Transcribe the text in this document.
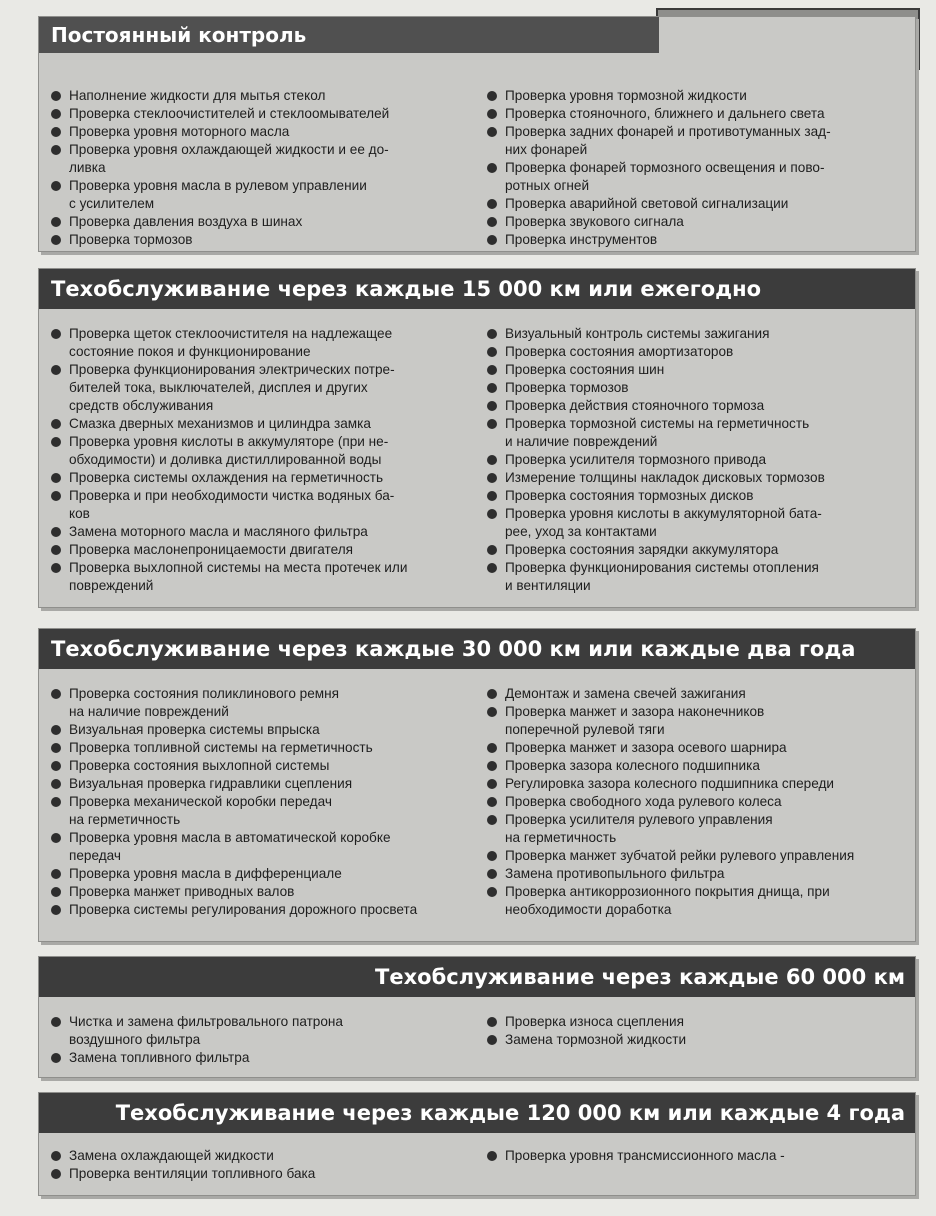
Постоянный контроль
Наполнение жидкости для мытья стекол
Проверка стеклоочистителей и стеклоомывателей
Проверка уровня моторного масла
Проверка уровня охлаждающей жидкости и ее до-
ливка
Проверка уровня масла в рулевом управлении
с усилителем
Проверка давления воздуха в шинах
Проверка тормозов
Проверка уровня тормозной жидкости
Проверка стояночного, ближнего и дальнего света
Проверка задних фонарей и противотуманных зад-
них фонарей
Проверка фонарей тормозного освещения и пово-
ротных огней
Проверка аварийной световой сигнализации
Проверка звукового сигнала
Проверка инструментов
Техобслуживание через каждые 15 000 км или ежегодно
Проверка щеток стеклоочистителя на надлежащее
состояние покоя и функционирование
Проверка функционирования электрических потре-
бителей тока, выключателей, дисплея и других
средств обслуживания
Смазка дверных механизмов и цилиндра замка
Проверка уровня кислоты в аккумуляторе (при не-
обходимости) и доливка дистиллированной воды
Проверка системы охлаждения на герметичность
Проверка и при необходимости чистка водяных ба-
ков
Замена моторного масла и масляного фильтра
Проверка маслонепроницаемости двигателя
Проверка выхлопной системы на места протечек или
повреждений
Визуальный контроль системы зажигания
Проверка состояния амортизаторов
Проверка состояния шин
Проверка тормозов
Проверка действия стояночного тормоза
Проверка тормозной системы на герметичность
и наличие повреждений
Проверка усилителя тормозного привода
Измерение толщины накладок дисковых тормозов
Проверка состояния тормозных дисков
Проверка уровня кислоты в аккумуляторной бата-
рее, уход за контактами
Проверка состояния зарядки аккумулятора
Проверка функционирования системы отопления
и вентиляции
Техобслуживание через каждые 30 000 км или каждые два года
Проверка состояния поликлинового ремня
на наличие повреждений
Визуальная проверка системы впрыска
Проверка топливной системы на герметичность
Проверка состояния выхлопной системы
Визуальная проверка гидравлики сцепления
Проверка механической коробки передач
на герметичность
Проверка уровня масла в автоматической коробке
передач
Проверка уровня масла в дифференциале
Проверка манжет приводных валов
Проверка системы регулирования дорожного просвета
Демонтаж и замена свечей зажигания
Проверка манжет и зазора наконечников
поперечной рулевой тяги
Проверка манжет и зазора осевого шарнира
Проверка зазора колесного подшипника
Регулировка зазора колесного подшипника спереди
Проверка свободного хода рулевого колеса
Проверка усилителя рулевого управления
на герметичность
Проверка манжет зубчатой рейки рулевого управления
Замена противопыльного фильтра
Проверка антикоррозионного покрытия днища, при
необходимости доработка
Техобслуживание через каждые 60 000 км
Чистка и замена фильтровального патрона
воздушного фильтра
Замена топливного фильтра
Проверка износа сцепления
Замена тормозной жидкости
Техобслуживание через каждые 120 000 км или каждые 4 года
Замена охлаждающей жидкости
Проверка вентиляции топливного бака
Проверка уровня трансмиссионного масла -
